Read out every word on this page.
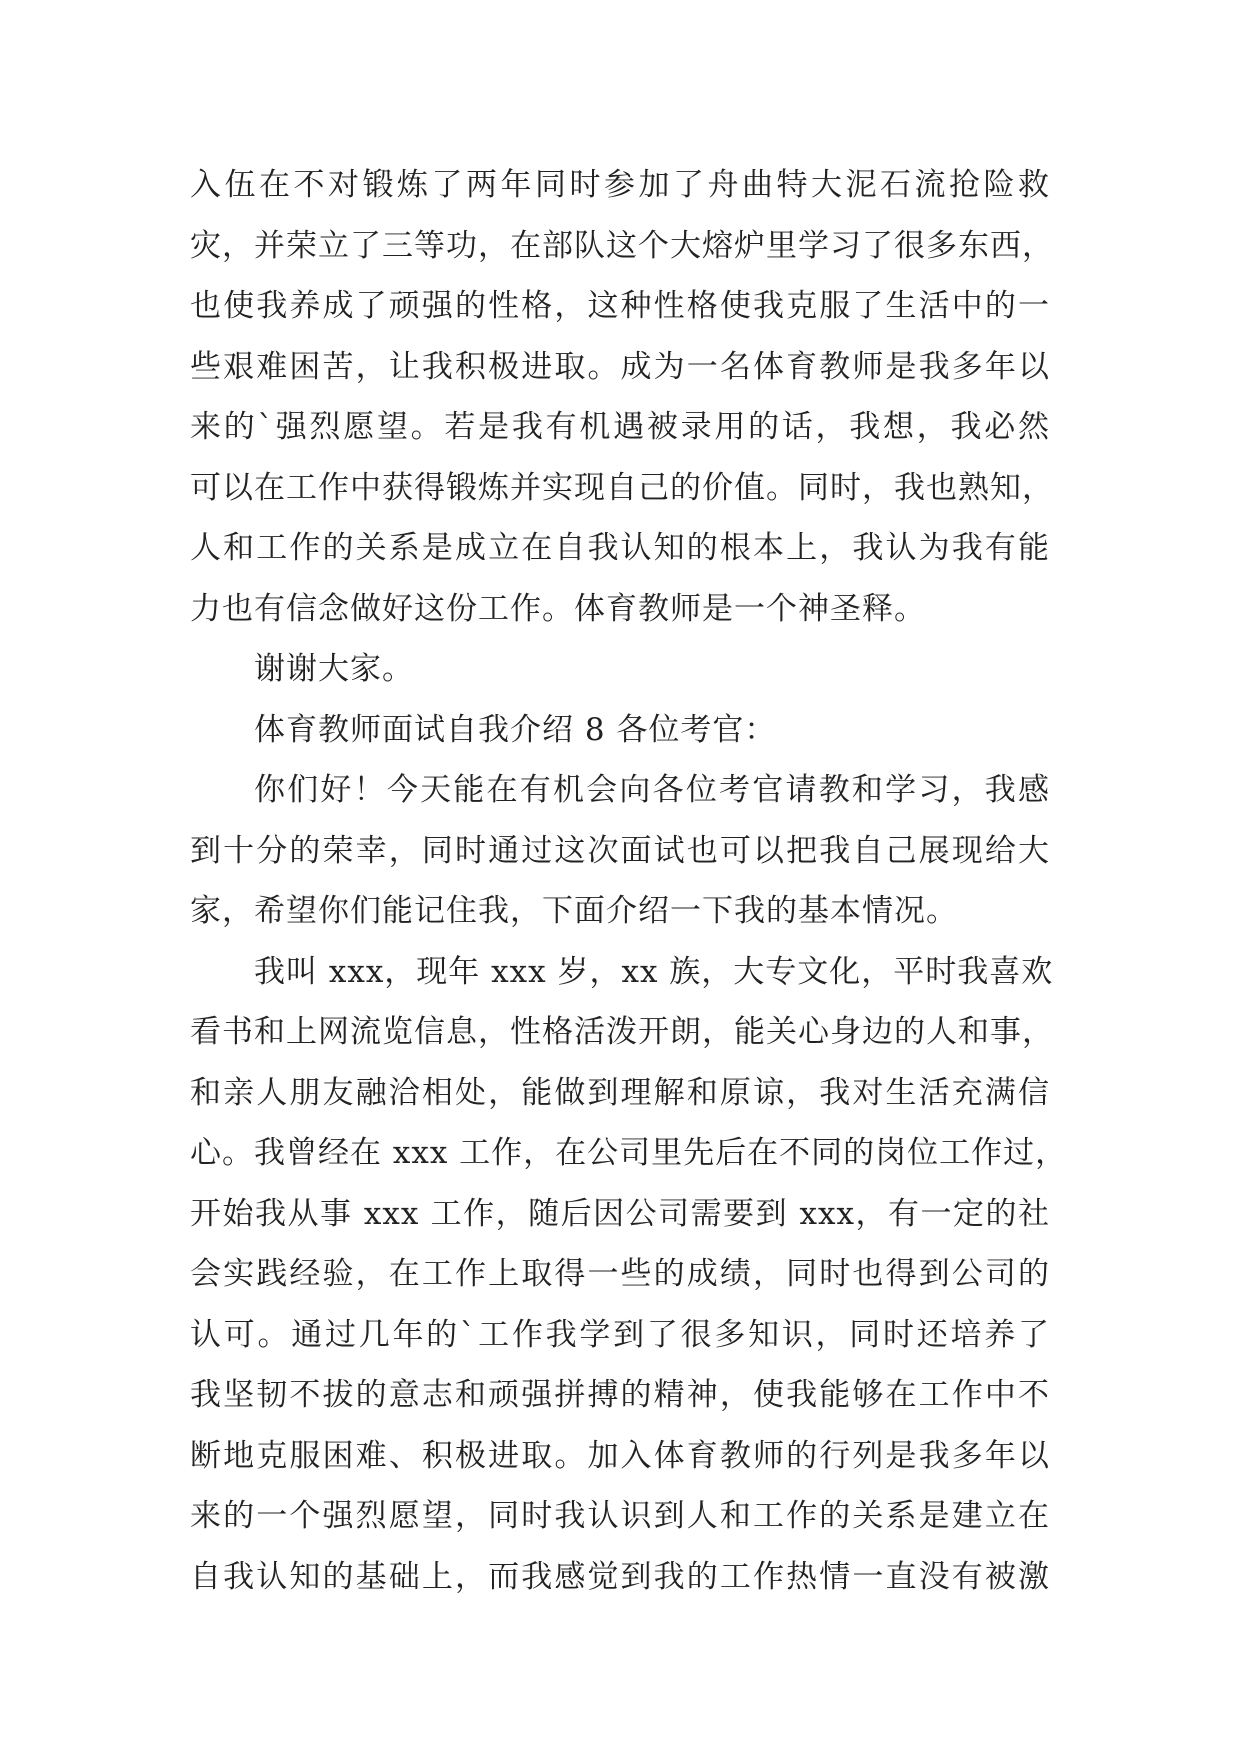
入伍在不对锻炼了两年同时参加了舟曲特大泥石流抢险救
灾，并荣立了三等功，在部队这个大熔炉里学习了很多东西，
也使我养成了顽强的性格，这种性格使我克服了生活中的一
些艰难困苦，让我积极进取。成为一名体育教师是我多年以
来的`强烈愿望。若是我有机遇被录用的话，我想，我必然
可以在工作中获得锻炼并实现自己的价值。同时，我也熟知，
人和工作的关系是成立在自我认知的根本上，我认为我有能
力也有信念做好这份工作。体育教师是一个神圣释。
谢谢大家。
体育教师面试自我介绍 8 各位考官：
你们好！今天能在有机会向各位考官请教和学习，我感
到十分的荣幸，同时通过这次面试也可以把我自己展现给大
家，希望你们能记住我，下面介绍一下我的基本情况。
我叫 xxx，现年 xxx 岁，xx 族，大专文化，平时我喜欢
看书和上网流览信息，性格活泼开朗，能关心身边的人和事，
和亲人朋友融洽相处，能做到理解和原谅，我对生活充满信
心。我曾经在 xxx 工作，在公司里先后在不同的岗位工作过，
开始我从事 xxx 工作，随后因公司需要到 xxx，有一定的社
会实践经验，在工作上取得一些的成绩，同时也得到公司的
认可。通过几年的`工作我学到了很多知识，同时还培养了
我坚韧不拔的意志和顽强拼搏的精神，使我能够在工作中不
断地克服困难、积极进取。加入体育教师的行列是我多年以
来的一个强烈愿望，同时我认识到人和工作的关系是建立在
自我认知的基础上，而我感觉到我的工作热情一直没有被激
